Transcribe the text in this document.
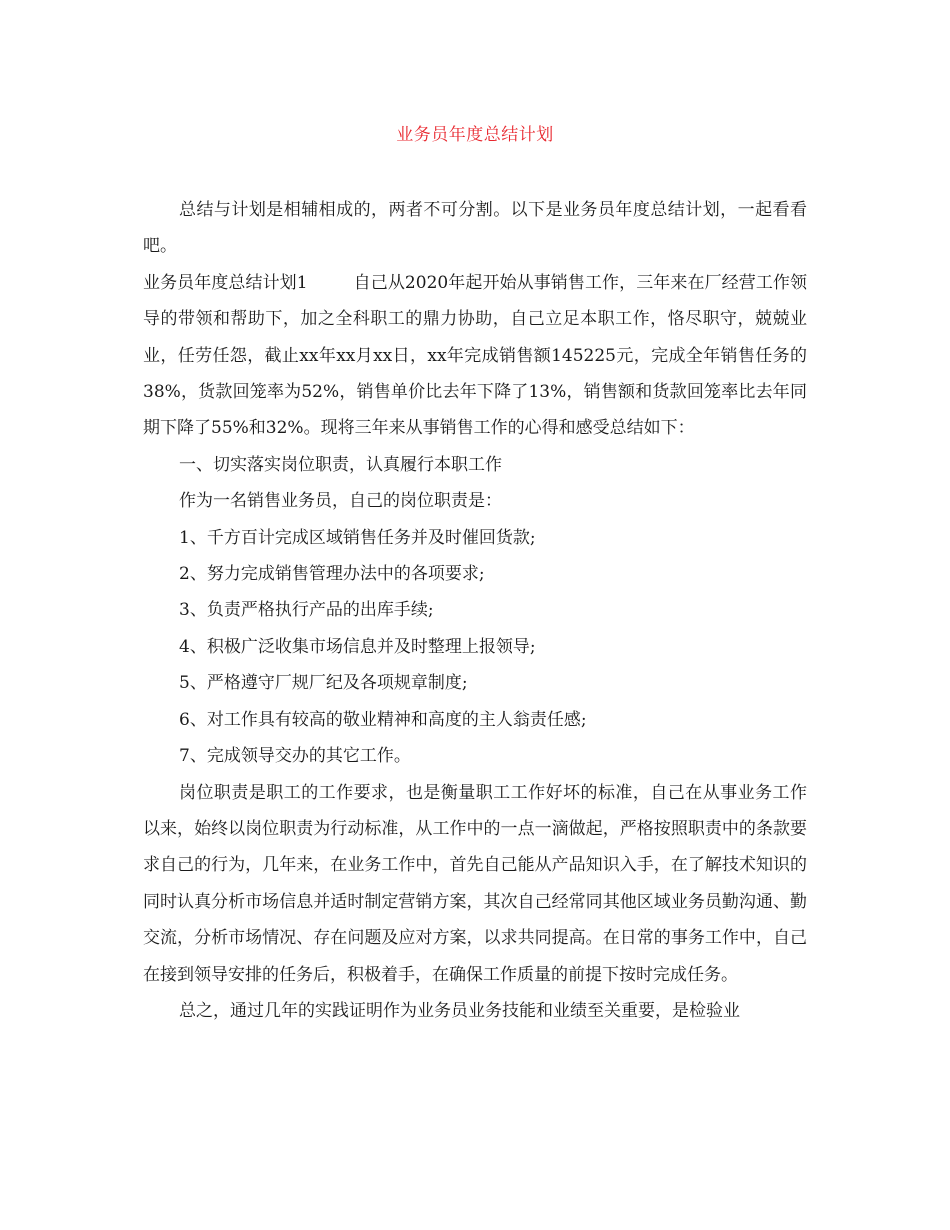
业务员年度总结计划

总结与计划是相辅相成的，两者不可分割。以下是业务员年度总结计划，一起看看吧。

业务员年度总结计划1	自己从2020年起开始从事销售工作，三年来在厂经营工作领导的带领和帮助下，加之全科职工的鼎力协助，自己立足本职工作，恪尽职守，兢兢业业，任劳任怨，截止xx年xx月xx日，xx年完成销售额145225元，完成全年销售任务的38%，货款回笼率为52%，销售单价比去年下降了13%，销售额和货款回笼率比去年同期下降了55%和32%。现将三年来从事销售工作的心得和感受总结如下：

一、切实落实岗位职责，认真履行本职工作

作为一名销售业务员，自己的岗位职责是：

1、千方百计完成区域销售任务并及时催回货款;

2、努力完成销售管理办法中的各项要求;

3、负责严格执行产品的出库手续;

4、积极广泛收集市场信息并及时整理上报领导;

5、严格遵守厂规厂纪及各项规章制度;

6、对工作具有较高的敬业精神和高度的主人翁责任感;

7、完成领导交办的其它工作。

岗位职责是职工的工作要求，也是衡量职工工作好坏的标准，自己在从事业务工作以来，始终以岗位职责为行动标准，从工作中的一点一滴做起，严格按照职责中的条款要求自己的行为，几年来，在业务工作中，首先自己能从产品知识入手，在了解技术知识的同时认真分析市场信息并适时制定营销方案，其次自己经常同其他区域业务员勤沟通、勤交流，分析市场情况、存在问题及应对方案，以求共同提高。在日常的事务工作中，自己在接到领导安排的任务后，积极着手，在确保工作质量的前提下按时完成任务。

总之，通过几年的实践证明作为业务员业务技能和业绩至关重要，是检验业
